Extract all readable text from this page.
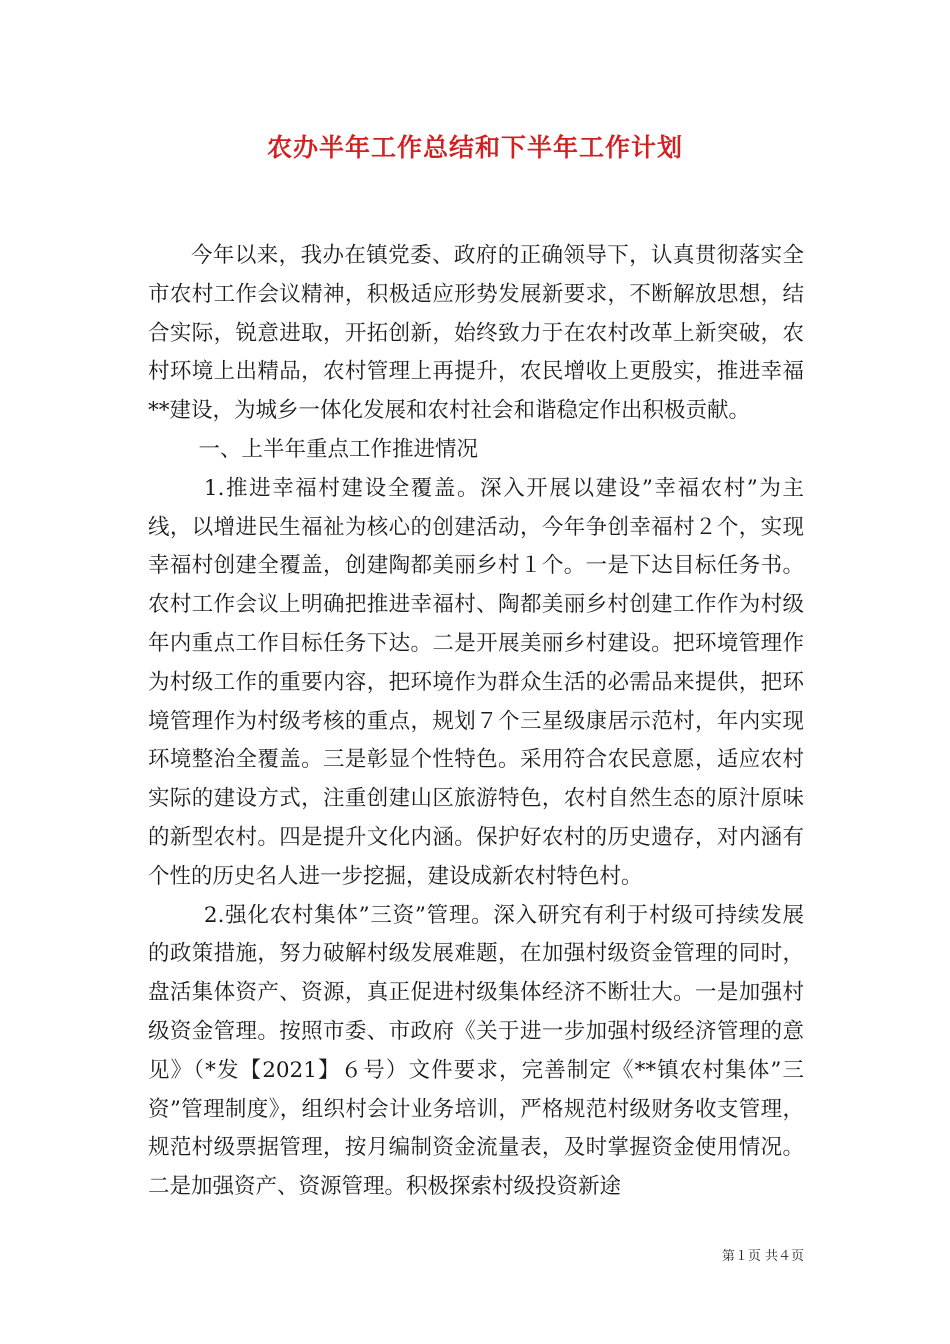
农办半年工作总结和下半年工作计划

今年以来，我办在镇党委、政府的正确领导下，认真贯彻落实全市农村工作会议精神，积极适应形势发展新要求，不断解放思想，结合实际，锐意进取，开拓创新，始终致力于在农村改革上新突破，农村环境上出精品，农村管理上再提升，农民增收上更殷实，推进幸福**建设，为城乡一体化发展和农村社会和谐稳定作出积极贡献。

一、上半年重点工作推进情况

1.推进幸福村建设全覆盖。深入开展以建设”幸福农村”为主线，以增进民生福祉为核心的创建活动，今年争创幸福村２个，实现幸福村创建全覆盖，创建陶都美丽乡村１个。一是下达目标任务书。农村工作会议上明确把推进幸福村、陶都美丽乡村创建工作作为村级年内重点工作目标任务下达。二是开展美丽乡村建设。把环境管理作为村级工作的重要内容，把环境作为群众生活的必需品来提供，把环境管理作为村级考核的重点，规划７个三星级康居示范村，年内实现环境整治全覆盖。三是彰显个性特色。采用符合农民意愿，适应农村实际的建设方式，注重创建山区旅游特色，农村自然生态的原汁原味的新型农村。四是提升文化内涵。保护好农村的历史遗存，对内涵有个性的历史名人进一步挖掘，建设成新农村特色村。

2.强化农村集体”三资”管理。深入研究有利于村级可持续发展的政策措施，努力破解村级发展难题，在加强村级资金管理的同时，盘活集体资产、资源，真正促进村级集体经济不断壮大。一是加强村级资金管理。按照市委、市政府《关于进一步加强村级经济管理的意见》（*发【2021】６号）文件要求，完善制定《**镇农村集体”三资”管理制度》，组织村会计业务培训，严格规范村级财务收支管理，规范村级票据管理，按月编制资金流量表，及时掌握资金使用情况。二是加强资产、资源管理。积极探索村级投资新途

第１页 共４页
